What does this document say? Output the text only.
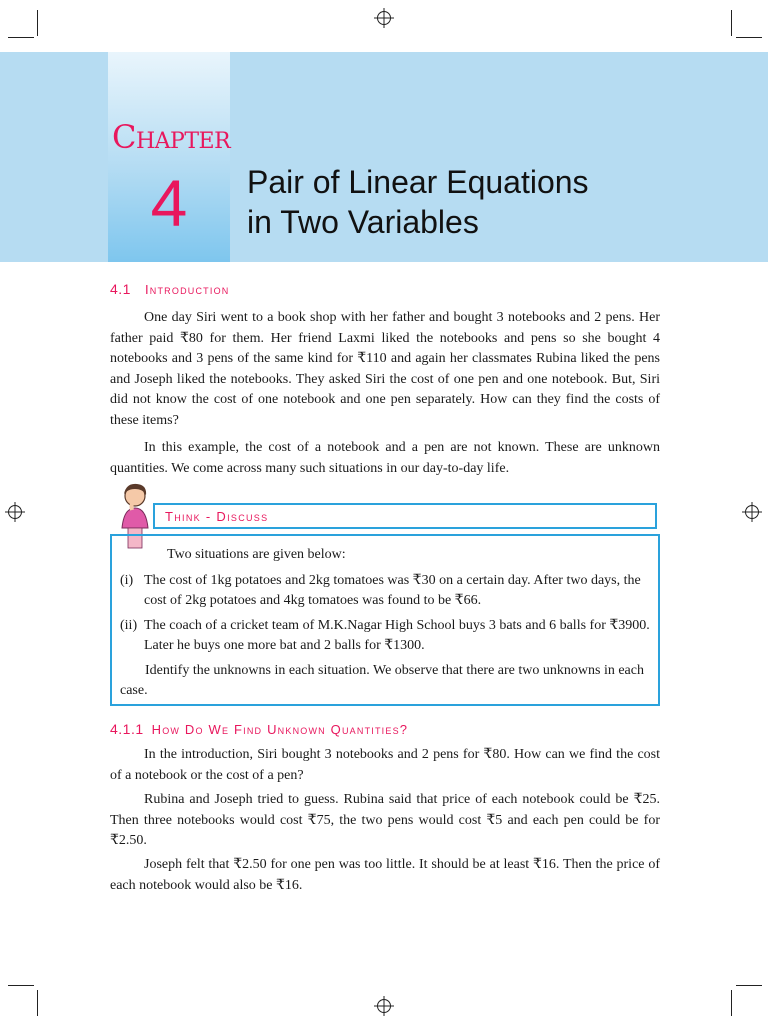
Chapter
4	Pair of Linear Equations
in Two Variables
4.1 Introduction

One day Siri went to a book shop with her father and bought 3 notebooks and 2 pens. Her father paid ₹80 for them. Her friend Laxmi liked the notebooks and pens so she bought 4 notebooks and 3 pens of the same kind for ₹110 and again her classmates Rubina liked the pens and Joseph liked the notebooks. They asked Siri the cost of one pen and one notebook. But, Siri did not know the cost of one notebook and one pen separately. How can they find the costs of these items?

In this example, the cost of a notebook and a pen are not known. These are unknown quantities. We come across many such situations in our day-to-day life.

Think - Discuss

Two situations are given below:

(i) The cost of 1kg potatoes and 2kg tomatoes was ₹30 on a certain day. After two days, the cost of 2kg potatoes and 4kg tomatoes was found to be ₹66.
(ii) The coach of a cricket team of M.K.Nagar High School buys 3 bats and 6 balls for ₹3900. Later he buys one more bat and 2 balls for ₹1300.

Identify the unknowns in each situation. We observe that there are two unknowns in each case.

4.1.1 How Do We Find Unknown Quantities?

In the introduction, Siri bought 3 notebooks and 2 pens for ₹80. How can we find the cost of a notebook or the cost of a pen?

Rubina and Joseph tried to guess. Rubina said that price of each notebook could be ₹25. Then three notebooks would cost ₹75, the two pens would cost ₹5 and each pen could be for ₹2.50.

Joseph felt that ₹2.50 for one pen was too little. It should be at least ₹16. Then the price of each notebook would also be ₹16.
